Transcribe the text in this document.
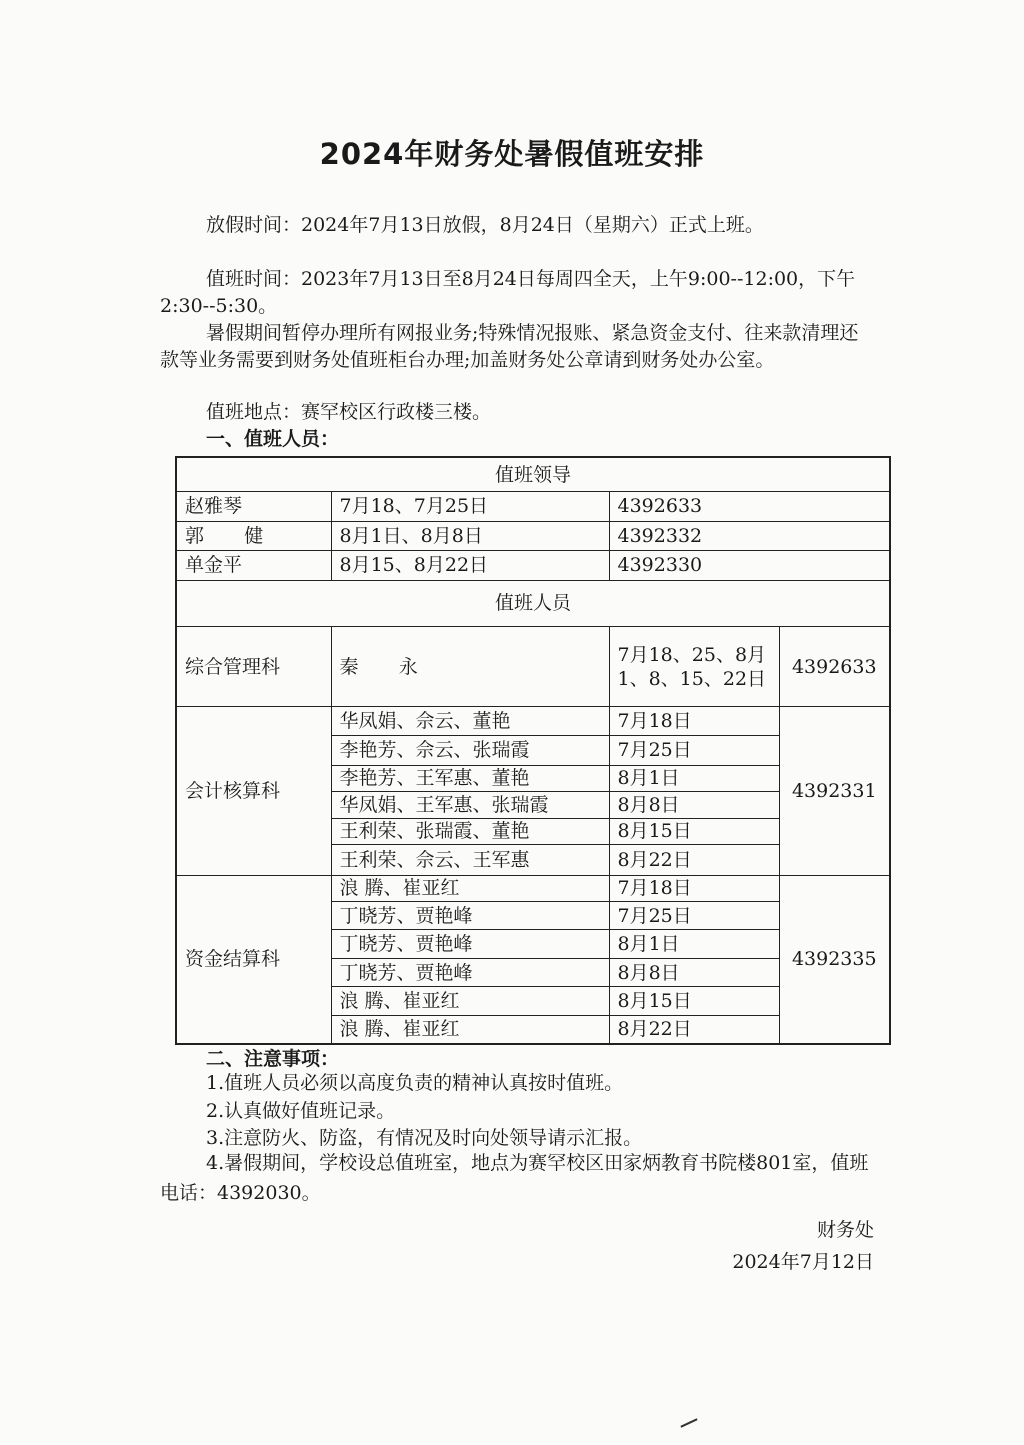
2024年财务处暑假值班安排

放假时间：2024年7月13日放假，8月24日（星期六）正式上班。

值班时间：2023年7月13日至8月24日每周四全天，上午9:00--12:00，下午2:30--5:30。

暑假期间暂停办理所有网报业务;特殊情况报账、紧急资金支付、往来款清理还款等业务需要到财务处值班柜台办理;加盖财务处公章请到财务处办公室。

值班地点：赛罕校区行政楼三楼。

一、值班人员：
值班领导			
赵雅琴	7月18、7月25日	4392633	
郭 健	8月1日、8月8日	4392332	
单金平	8月15、8月22日	4392330	
值班人员			
综合管理科	秦 永	7月18、25、8月1、8、15、22日	4392633
会计核算科	华凤娟、佘云、董艳	7月18日	4392331
	李艳芳、佘云、张瑞霞	7月25日	
	李艳芳、王军惠、董艳	8月1日	
	华凤娟、王军惠、张瑞霞	8月8日	
	王利荣、张瑞霞、董艳	8月15日	
	王利荣、佘云、王军惠	8月22日	
资金结算科	浪 腾、崔亚红	7月18日	4392335
	丁晓芳、贾艳峰	7月25日	
	丁晓芳、贾艳峰	8月1日	
	丁晓芳、贾艳峰	8月8日	
	浪 腾、崔亚红	8月15日	
	浪 腾、崔亚红	8月22日	
二、注意事项：

1.值班人员必须以高度负责的精神认真按时值班。

2.认真做好值班记录。

3.注意防火、防盗，有情况及时向处领导请示汇报。

4.暑假期间，学校设总值班室，地点为赛罕校区田家炳教育书院楼801室，值班电话：4392030。

财务处
2024年7月12日
